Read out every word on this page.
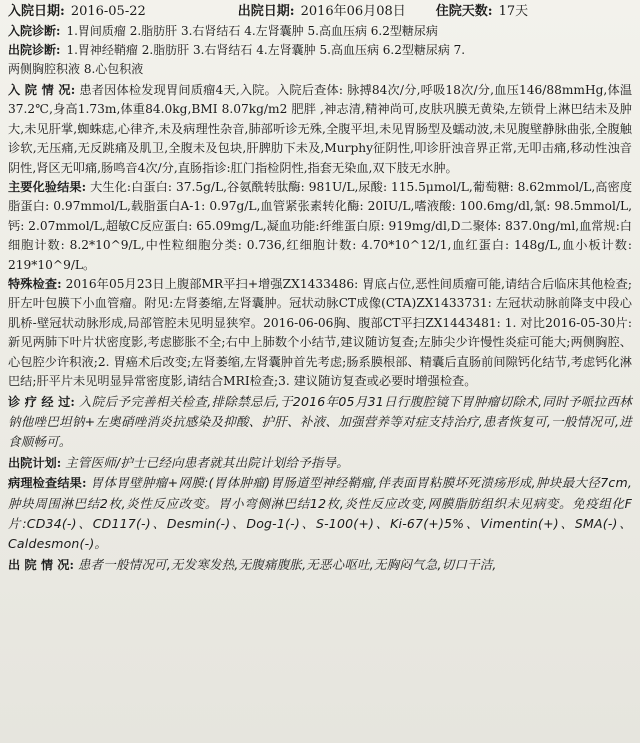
入院日期: 2016-05-22	出院日期: 2016年06月08日 住院天数: 17天
入院诊断: 1.胃间质瘤 2.脂肪肝 3.右肾结石 4.左肾囊肿 5.高血压病 6.2型糖尿病
出院诊断: 1.胃神经鞘瘤 2.脂肪肝 3.右肾结石 4.左肾囊肿 5.高血压病 6.2型糖尿病 7.
两侧胸腔积液 8.心包积液

入 院 情 况: 患者因体检发现胃间质瘤4天,入院。入院后查体: 脉搏84次/分,呼吸18次/分,血压146/88mmHg,体温37.2℃,身高1.73m,体重84.0kg,BMI 8.07kg/m2 肥胖 ,神志清,精神尚可,皮肤巩膜无黄染,左锁骨上淋巴结未及肿大,未见肝掌,蜘蛛痣,心律齐,未及病理性杂音,肺部听诊无殊,全腹平坦,未见胃肠型及蠕动波,未见腹壁静脉曲张,全腹触诊软,无压痛,无反跳痛及肌卫,全腹未及包块,肝脾肋下未及,Murphy征阴性,叩诊肝浊音界正常,无叩击痛,移动性浊音阴性,肾区无叩痛,肠鸣音4次/分,直肠指诊:肛门指检阴性,指套无染血,双下肢无水肿。

主要化验结果: 大生化:白蛋白: 37.5g/L,谷氨酰转肽酶: 981U/L,尿酸: 115.5μmol/L,葡萄糖: 8.62mmol/L,高密度脂蛋白: 0.97mmol/L,载脂蛋白A-1: 0.97g/L,血管紧张素转化酶: 20IU/L,嗜液酸: 100.6mg/dl,氯: 98.5mmol/L,钙: 2.07mmol/L,超敏C反应蛋白: 65.09mg/L,凝血功能:纤维蛋白原: 919mg/dl,D二聚体: 837.0ng/ml,血常规:白细胞计数: 8.2*10^9/L,中性粒细胞分类: 0.736,红细胞计数: 4.70*10^12/1,血红蛋白: 148g/L,血小板计数: 219*10^9/L。

特殊检查: 2016年05月23日上腹部MR平扫+增强ZX1433486: 胃底占位,恶性间质瘤可能,请结合后临床其他检查;肝左叶包膜下小血管瘤。附见:左肾萎缩,左肾囊肿。冠状动脉CT成像(CTA)ZX1433731: 左冠状动脉前降支中段心肌桥-壁冠状动脉形成,局部管腔未见明显狭窄。2016-06-06胸、腹部CT平扫ZX1443481: 1. 对比2016-05-30片:新见两肺下叶片状密度影,考虑膨胀不全;右中上肺数个小结节,建议随访复查;左肺尖少许慢性炎症可能大;两侧胸腔、心包腔少许积液;2. 胃癌术后改变;左肾萎缩,左肾囊肿首先考虑;肠系膜根部、精囊后直肠前间隙钙化结节,考虑钙化淋巴结;肝平片未见明显异常密度影,请结合MRI检查;3. 建议随访复查或必要时增强检查。

诊 疗 经 过: 入院后予完善相关检查,排除禁忌后,于2016年05月31日行腹腔镜下胃肿瘤切除术,同时予哌拉西林钠他唑巴坦钠+左奥硝唑消炎抗感染及抑酸、护肝、补液、加强营养等对症支持治疗,患者恢复可,一般情况可,进食顺畅可。

出院计划: 主管医师/护士已经向患者就其出院计划给予指导。

病理检查结果: 胃体胃壁肿瘤+网膜:(胃体肿瘤)胃肠道型神经鞘瘤,伴表面胃粘膜坏死溃疡形成,肿块最大径7cm,肿块周围淋巴结2枚,炎性反应改变。胃小弯侧淋巴结12枚,炎性反应改变,网膜脂肪组织未见病变。免疫组化F片:CD34(-)、CD117(-)、Desmin(-)、Dog-1(-)、S-100(+)、Ki-67(+)5%、Vimentin(+)、SMA(-)、Caldesmon(-)。

出 院 情 况: 患者一般情况可,无发寒发热,无腹痛腹胀,无恶心呕吐,无胸闷气急,切口干洁,
